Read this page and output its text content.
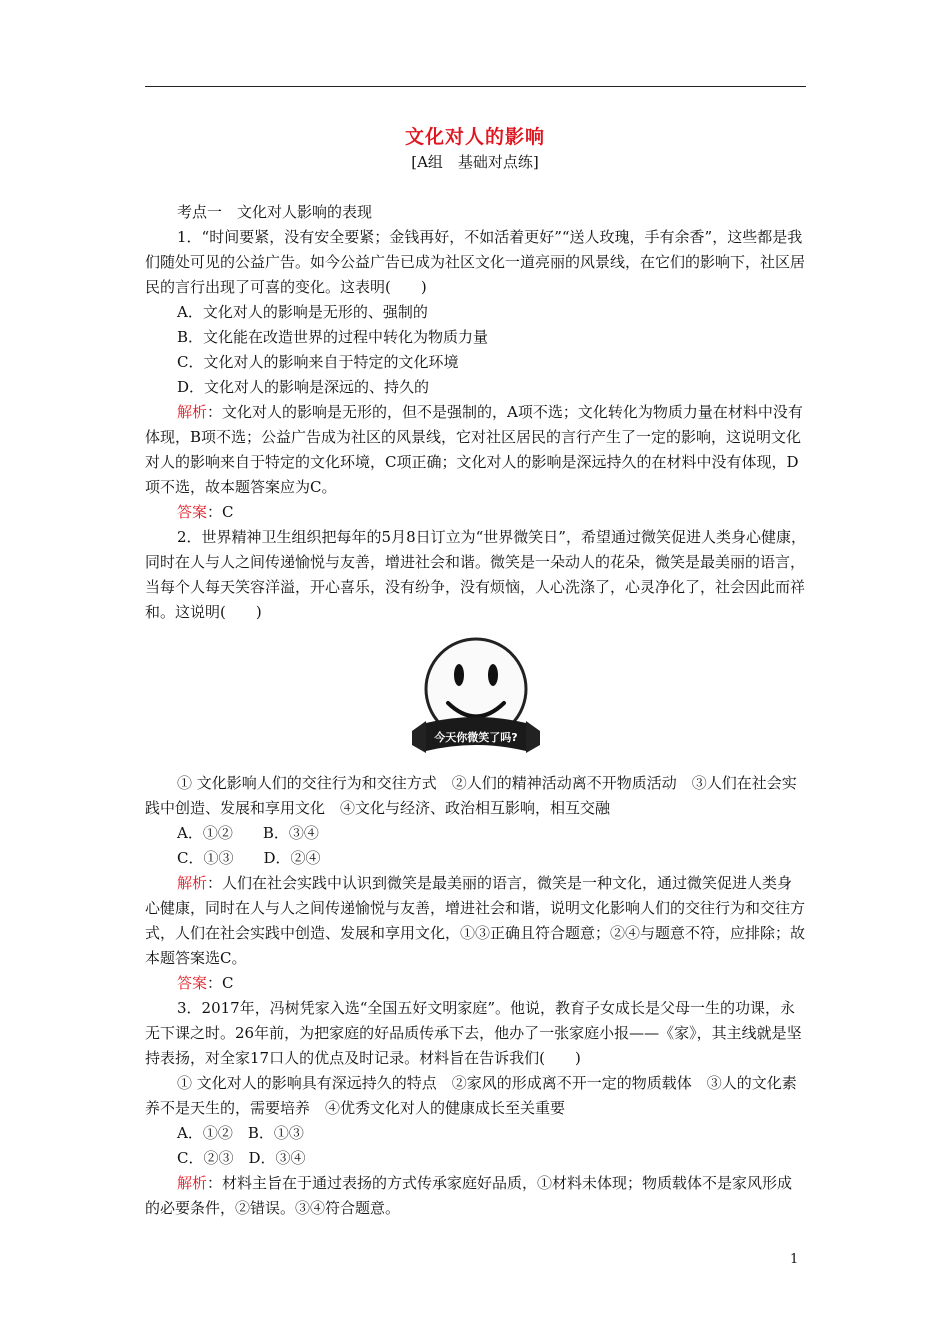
文化对人的影响
[A组　基础对点练]

考点一　文化对人影响的表现

1．“时间要紧，没有安全要紧；金钱再好，不如活着更好”“送人玫瑰，手有余香”，这些都是我们随处可见的公益广告。如今公益广告已成为社区文化一道亮丽的风景线，在它们的影响下，社区居民的言行出现了可喜的变化。这表明(　　)

A．文化对人的影响是无形的、强制的

B．文化能在改造世界的过程中转化为物质力量

C．文化对人的影响来自于特定的文化环境

D．文化对人的影响是深远的、持久的

解析：文化对人的影响是无形的，但不是强制的，A项不选；文化转化为物质力量在材料中没有体现，B项不选；公益广告成为社区的风景线，它对社区居民的言行产生了一定的影响，这说明文化对人的影响来自于特定的文化环境，C项正确；文化对人的影响是深远持久的在材料中没有体现，D项不选，故本题答案应为C。

答案：C

2．世界精神卫生组织把每年的5月8日订立为“世界微笑日”，希望通过微笑促进人类身心健康，同时在人与人之间传递愉悦与友善，增进社会和谐。微笑是一朵动人的花朵，微笑是最美丽的语言，当每个人每天笑容洋溢，开心喜乐，没有纷争，没有烦恼，人心洗涤了，心灵净化了，社会因此而祥和。这说明(　　)

今天你微笑了吗?

① 文化影响人们的交往行为和交往方式　②人们的精神活动离不开物质活动　③人们在社会实践中创造、发展和享用文化　④文化与经济、政治相互影响，相互交融

A．①②　　B．③④

C．①③　　D．②④

解析：人们在社会实践中认识到微笑是最美丽的语言，微笑是一种文化，通过微笑促进人类身心健康，同时在人与人之间传递愉悦与友善，增进社会和谐，说明文化影响人们的交往行为和交往方式，人们在社会实践中创造、发展和享用文化，①③正确且符合题意；②④与题意不符，应排除；故本题答案选C。

答案：C

3．2017年，冯树凭家入选“全国五好文明家庭”。他说，教育子女成长是父母一生的功课，永无下课之时。26年前，为把家庭的好品质传承下去，他办了一张家庭小报——《家》，其主线就是坚持表扬，对全家17口人的优点及时记录。材料旨在告诉我们(　　)

① 文化对人的影响具有深远持久的特点　②家风的形成离不开一定的物质载体　③人的文化素养不是天生的，需要培养　④优秀文化对人的健康成长至关重要

A．①②　B．①③

C．②③　D．③④

解析：材料主旨在于通过表扬的方式传承家庭好品质，①材料未体现；物质载体不是家风形成的必要条件，②错误。③④符合题意。

1
